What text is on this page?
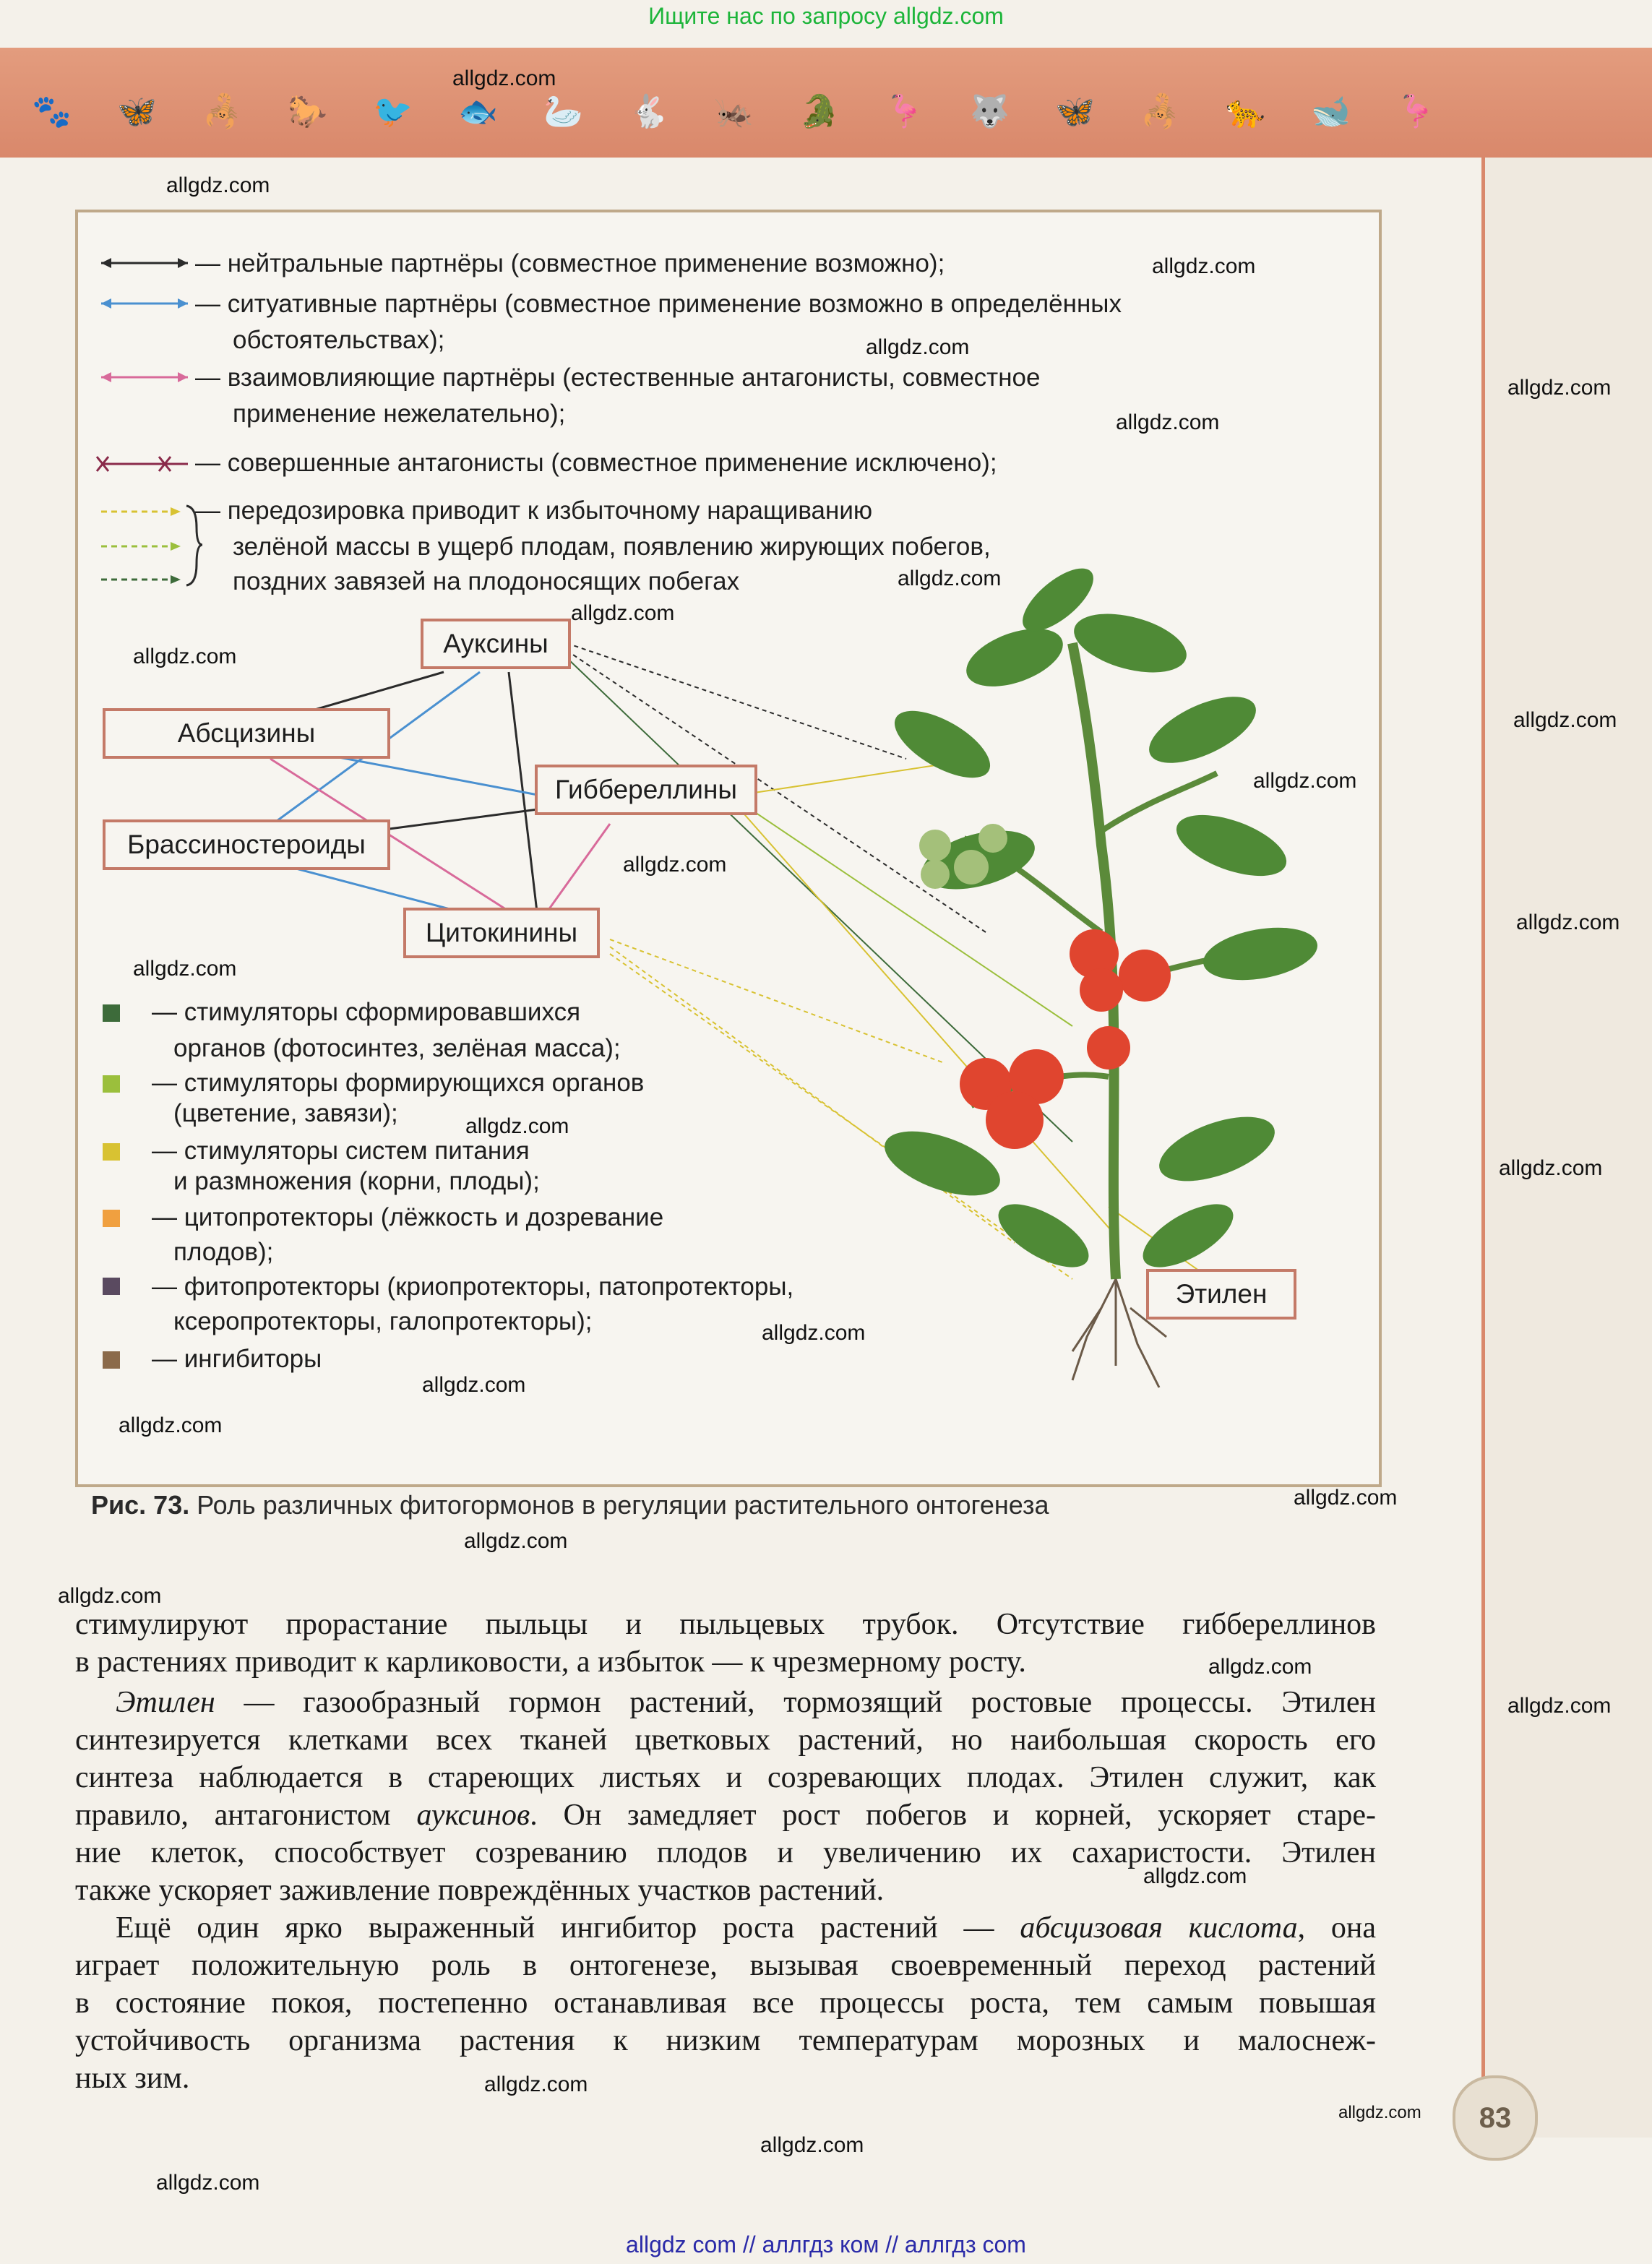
Ищите нас по запросу allgdz.com
allgdz com // аллгдз ком // аллгдз com
🐾 🦋 🦂 🐎 🐦 🐟 🦢 🐇 🦗 🐊 🦩 🐺 🦋 🦂 🐆 🐋 🦩
— нейтральные партнёры (совместное применение возможно);
— ситуативные партнёры (совместное применение возможно в определённых
обстоятельствах);
— взаимовлияющие партнёры (естественные антагонисты, совместное
применение нежелательно);
— совершенные антагонисты (совместное применение исключено);
— передозировка приводит к избыточному наращиванию
зелёной массы в ущерб плодам, появлению жирующих побегов,
поздних завязей на плодоносящих побегах
Ауксины
Абсцизины
Гиббереллины
Брассиностероиды
Цитокинины
Этилен
— стимуляторы сформировавшихся
органов (фотосинтез, зелёная масса);
— стимуляторы формирующихся органов
(цветение, завязи);
— стимуляторы систем питания
и размножения (корни, плоды);
— цитопротекторы (лёжкость и дозревание
плодов);
— фитопротекторы (криопротекторы, патопротекторы,
ксеропротекторы, галопротекторы);
— ингибиторы
Рис. 73. Роль различных фитогормонов в регуляции растительного онтогенеза
стимулируют прорастание пыльцы и пыльцевых трубок. Отсутствие гиббереллинов
в растениях приводит к карликовости, а избыток — к чрезмерному росту.
Этилен — газообразный гормон растений, тормозящий ростовые процессы. Этилен
синтезируется клетками всех тканей цветковых растений, но наибольшая скорость его
синтеза наблюдается в стареющих листьях и созревающих плодах. Этилен служит, как
правило, антагонистом ауксинов. Он замедляет рост побегов и корней, ускоряет старе-
ние клеток, способствует созреванию плодов и увеличению их сахаристости. Этилен
также ускоряет заживление повреждённых участков растений.
Ещё один ярко выраженный ингибитор роста растений — абсцизовая кислота, она
играет положительную роль в онтогенезе, вызывая своевременный переход растений
в состояние покоя, постепенно останавливая все процессы роста, тем самым повышая
устойчивость организма растения к низким температурам морозных и малоснеж-
ных зим.
83
allgdz.com
allgdz.com
allgdz.com
allgdz.com
allgdz.com
allgdz.com
allgdz.com
allgdz.com
allgdz.com
allgdz.com
allgdz.com
allgdz.com
allgdz.com
allgdz.com
allgdz.com
allgdz.com
allgdz.com
allgdz.com
allgdz.com
allgdz.com
allgdz.com
allgdz.com
allgdz.com
allgdz.com
allgdz.com
allgdz.com
allgdz.com
allgdz.com
allgdz.com
